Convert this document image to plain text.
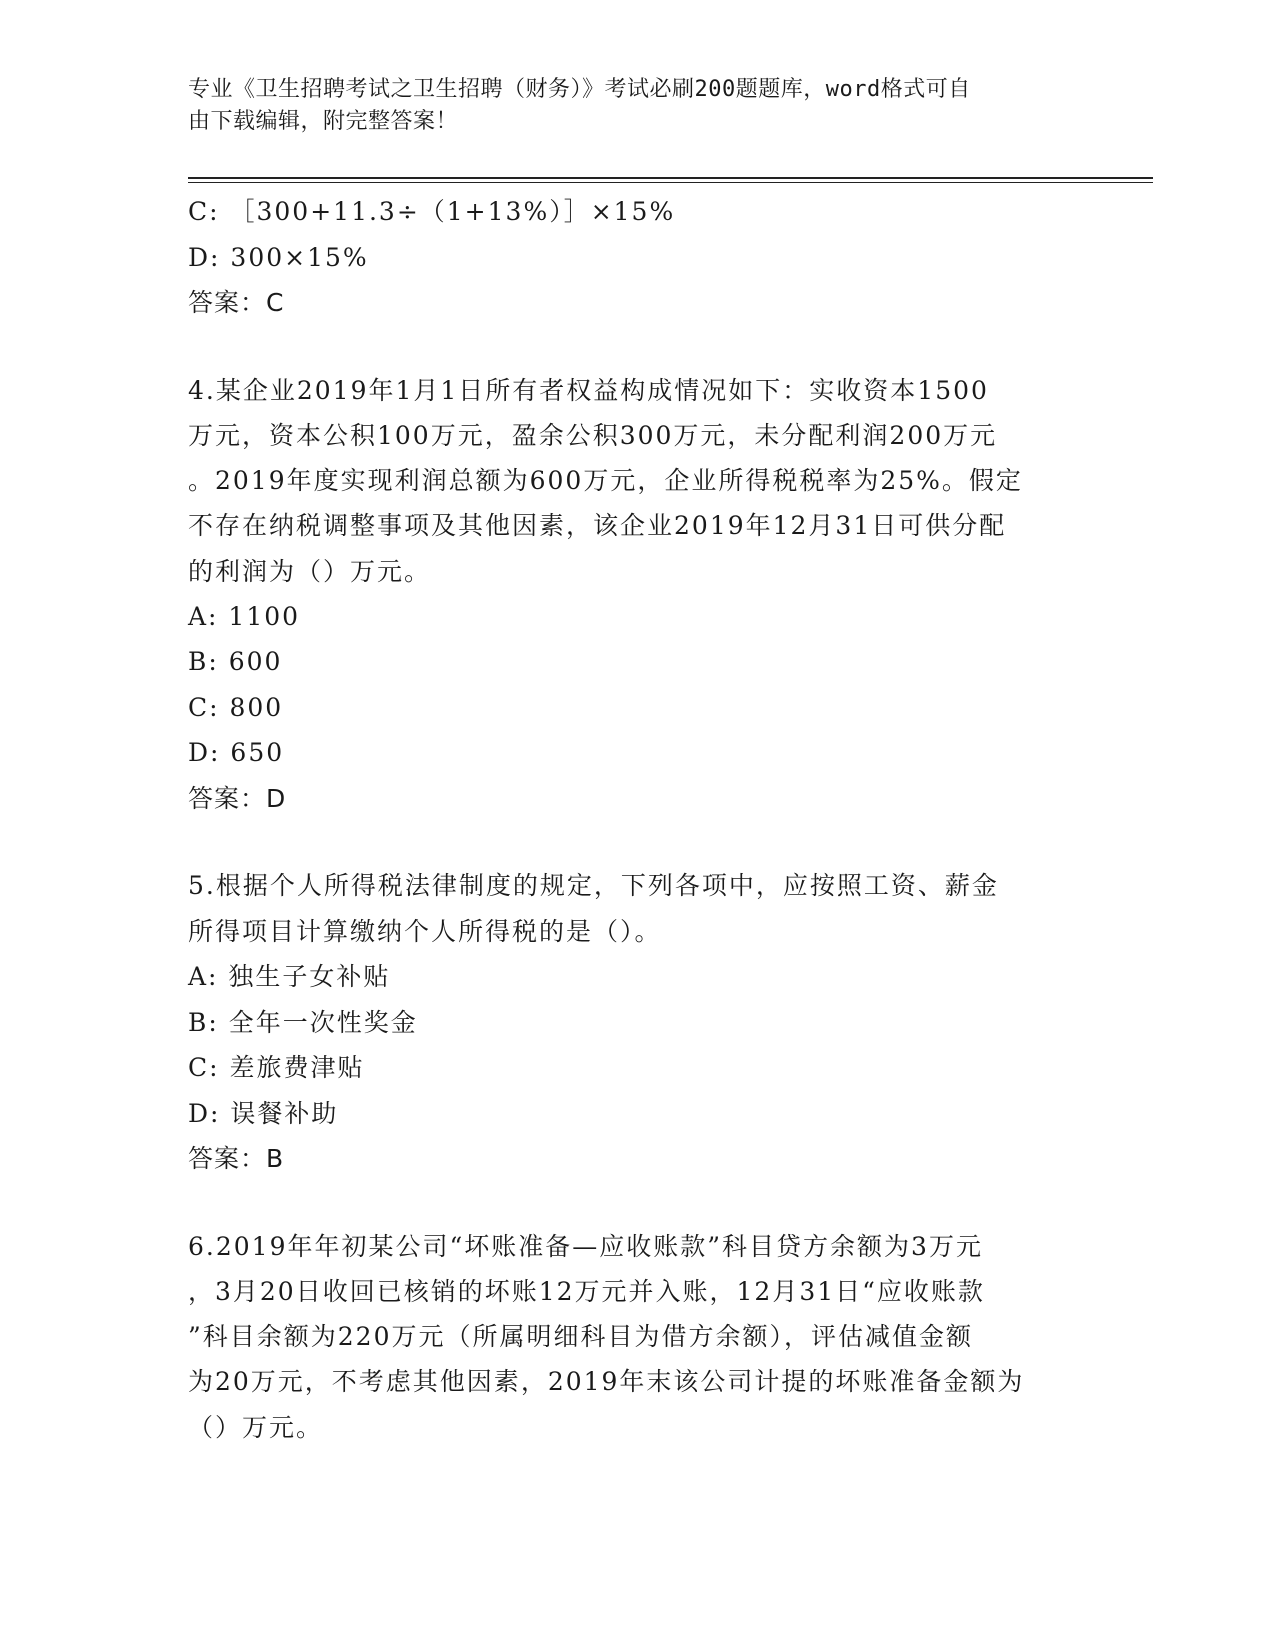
专业《卫生招聘考试之卫生招聘（财务）》考试必刷200题题库，word格式可自
由下载编辑，附完整答案！
C: ［300+11.3÷（1+13%）］×15%
D: 300×15%
答案：C
4.某企业2019年1月1日所有者权益构成情况如下：实收资本1500
万元，资本公积100万元，盈余公积300万元，未分配利润200万元
。2019年度实现利润总额为600万元，企业所得税税率为25%。假定
不存在纳税调整事项及其他因素，该企业2019年12月31日可供分配
的利润为（）万元。
A: 1100
B: 600
C: 800
D: 650
答案：D
5.根据个人所得税法律制度的规定，下列各项中，应按照工资、薪金
所得项目计算缴纳个人所得税的是（）。
A: 独生子女补贴
B: 全年一次性奖金
C: 差旅费津贴
D: 误餐补助
答案：B
6.2019年年初某公司“坏账准备—应收账款”科目贷方余额为3万元
，3月20日收回已核销的坏账12万元并入账，12月31日“应收账款
”科目余额为220万元（所属明细科目为借方余额），评估减值金额
为20万元，不考虑其他因素，2019年末该公司计提的坏账准备金额为
（）万元。
